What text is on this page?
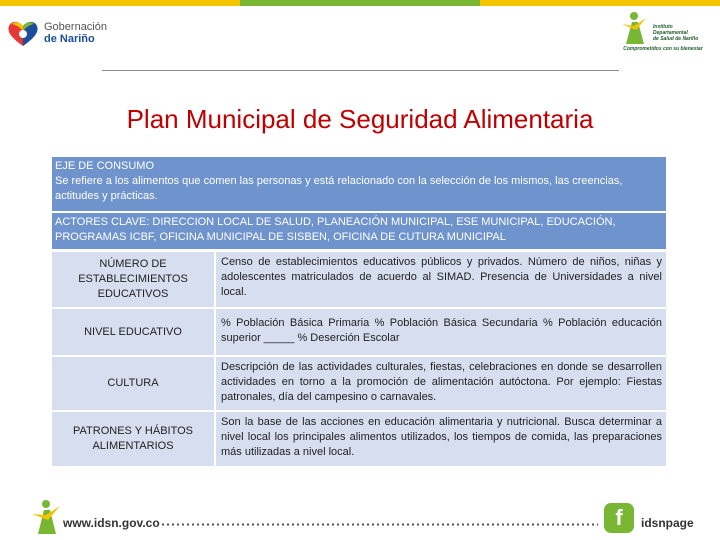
Gobernación
de Nariño
Instituto
Departamental
de Salud de Nariño
Comprometidos con su bienestar
Plan Municipal de Seguridad Alimentaria
EJE DE CONSUMO
Se refiere a los alimentos que comen las personas y está relacionado con la selección de los mismos, las creencias, actitudes y prácticas.
ACTORES CLAVE: DIRECCION LOCAL DE SALUD, PLANEACIÓN MUNICIPAL, ESE MUNICIPAL, EDUCACIÓN, PROGRAMAS ICBF, OFICINA MUNICIPAL DE SISBEN, OFICINA DE CUTURA MUNICIPAL
NÚMERO DE ESTABLECIMIENTOS EDUCATIVOS
Censo de establecimientos educativos públicos y privados. Número de niños, niñas y adolescentes matriculados de acuerdo al SIMAD. Presencia de Universidades a nivel local.
NIVEL EDUCATIVO
% Población Básica Primaria % Población Básica Secundaria % Población educación superior _____ % Deserción Escolar
CULTURA
Descripción de las actividades culturales, fiestas, celebraciones en donde se desarrollen actividades en torno a la promoción de alimentación autóctona. Por ejemplo: Fiestas patronales, día del campesino o carnavales.
PATRONES Y HÁBITOS ALIMENTARIOS
Son la base de las acciones en educación alimentaria y nutricional. Busca determinar a nivel local los principales alimentos utilizados, los tiempos de comida, las preparaciones más utilizadas a nivel local.
www.idsn.gov.co	f	idsnpage
